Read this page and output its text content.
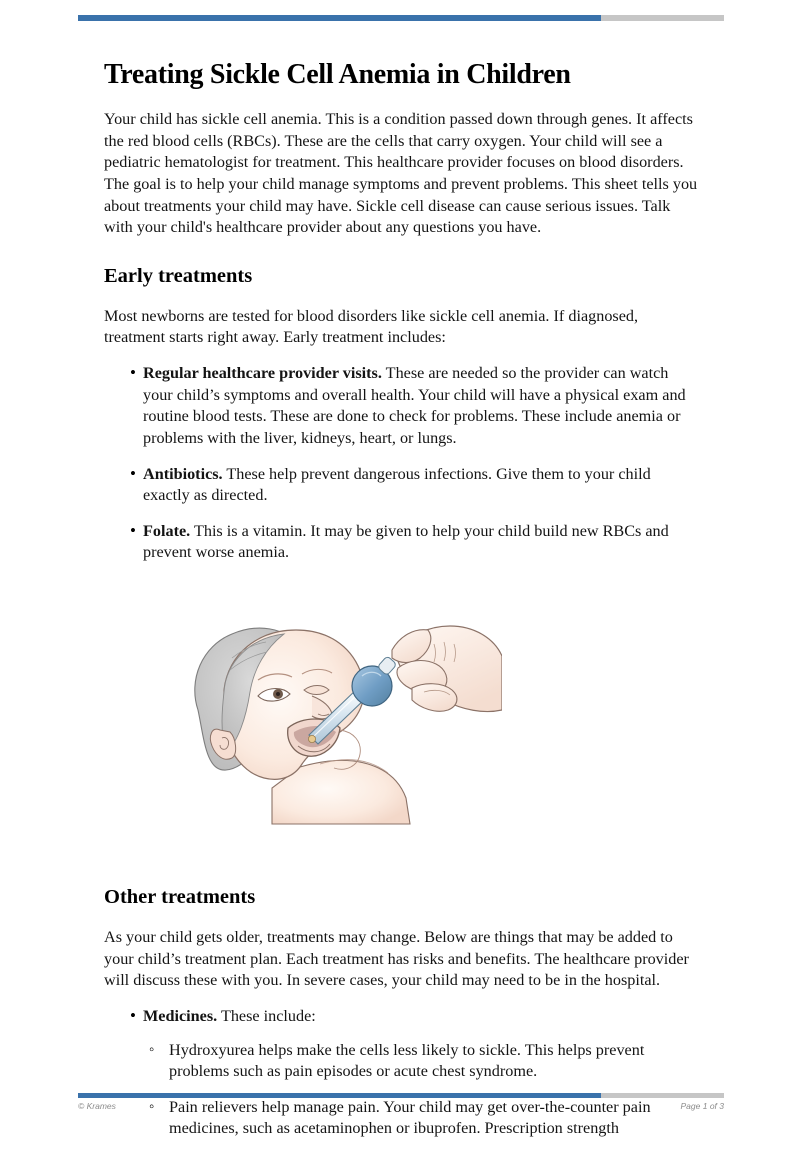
Treating Sickle Cell Anemia in Children

Your child has sickle cell anemia. This is a condition passed down through genes. It affects the red blood cells (RBCs). These are the cells that carry oxygen. Your child will see a pediatric hematologist for treatment. This healthcare provider focuses on blood disorders. The goal is to help your child manage symptoms and prevent problems. This sheet tells you about treatments your child may have. Sickle cell disease can cause serious issues. Talk with your child's healthcare provider about any questions you have.

Early treatments

Most newborns are tested for blood disorders like sickle cell anemia. If diagnosed, treatment starts right away. Early treatment includes:

• Regular healthcare provider visits. These are needed so the provider can watch your child’s symptoms and overall health. Your child will have a physical exam and routine blood tests. These are done to check for problems. These include anemia or problems with the liver, kidneys, heart, or lungs.
• Antibiotics. These help prevent dangerous infections. Give them to your child exactly as directed.
• Folate. This is a vitamin. It may be given to help your child build new RBCs and prevent worse anemia.
Other treatments

As your child gets older, treatments may change. Below are things that may be added to your child’s treatment plan. Each treatment has risks and benefits. The healthcare provider will discuss these with you. In severe cases, your child may need to be in the hospital.

• Medicines. These include:
◦ Hydroxyurea helps make the cells less likely to sickle. This helps prevent problems such as pain episodes or acute chest syndrome.
◦ Pain relievers help manage pain. Your child may get over-the-counter pain medicines, such as acetaminophen or ibuprofen. Prescription strength
© Krames	Page 1 of 3
